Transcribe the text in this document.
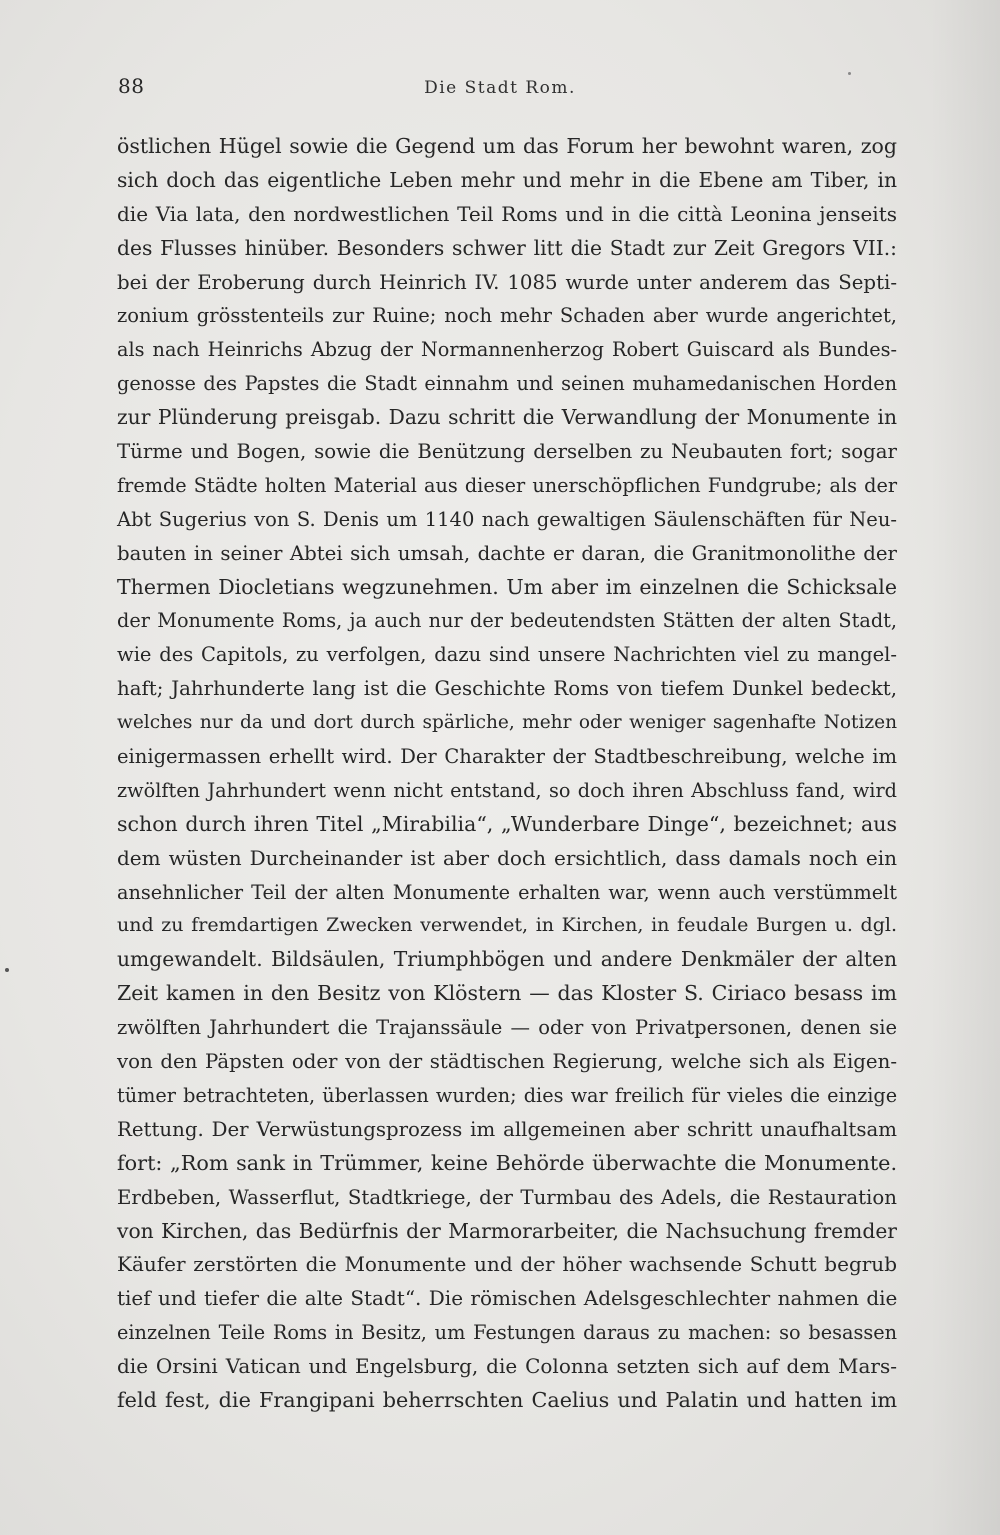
88	Die Stadt Rom.
östlichen Hügel sowie die Gegend um das Forum her bewohnt waren, zog
sich doch das eigentliche Leben mehr und mehr in die Ebene am Tiber, in
die Via lata, den nordwestlichen Teil Roms und in die città Leonina jenseits
des Flusses hinüber. Besonders schwer litt die Stadt zur Zeit Gregors VII.:
bei der Eroberung durch Heinrich IV. 1085 wurde unter anderem das Septi-
zonium grösstenteils zur Ruine; noch mehr Schaden aber wurde angerichtet,
als nach Heinrichs Abzug der Normannenherzog Robert Guiscard als Bundes-
genosse des Papstes die Stadt einnahm und seinen muhamedanischen Horden
zur Plünderung preisgab. Dazu schritt die Verwandlung der Monumente in
Türme und Bogen, sowie die Benützung derselben zu Neubauten fort; sogar
fremde Städte holten Material aus dieser unerschöpflichen Fundgrube; als der
Abt Sugerius von S. Denis um 1140 nach gewaltigen Säulenschäften für Neu-
bauten in seiner Abtei sich umsah, dachte er daran, die Granitmonolithe der
Thermen Diocletians wegzunehmen. Um aber im einzelnen die Schicksale
der Monumente Roms, ja auch nur der bedeutendsten Stätten der alten Stadt,
wie des Capitols, zu verfolgen, dazu sind unsere Nachrichten viel zu mangel-
haft; Jahrhunderte lang ist die Geschichte Roms von tiefem Dunkel bedeckt,
welches nur da und dort durch spärliche, mehr oder weniger sagenhafte Notizen
einigermassen erhellt wird. Der Charakter der Stadtbeschreibung, welche im
zwölften Jahrhundert wenn nicht entstand, so doch ihren Abschluss fand, wird
schon durch ihren Titel „Mirabilia“, „Wunderbare Dinge“, bezeichnet; aus
dem wüsten Durcheinander ist aber doch ersichtlich, dass damals noch ein
ansehnlicher Teil der alten Monumente erhalten war, wenn auch verstümmelt
und zu fremdartigen Zwecken verwendet, in Kirchen, in feudale Burgen u. dgl.
umgewandelt. Bildsäulen, Triumphbögen und andere Denkmäler der alten
Zeit kamen in den Besitz von Klöstern — das Kloster S. Ciriaco besass im
zwölften Jahrhundert die Trajanssäule — oder von Privatpersonen, denen sie
von den Päpsten oder von der städtischen Regierung, welche sich als Eigen-
tümer betrachteten, überlassen wurden; dies war freilich für vieles die einzige
Rettung. Der Verwüstungsprozess im allgemeinen aber schritt unaufhaltsam
fort: „Rom sank in Trümmer, keine Behörde überwachte die Monumente.
Erdbeben, Wasserflut, Stadtkriege, der Turmbau des Adels, die Restauration
von Kirchen, das Bedürfnis der Marmorarbeiter, die Nachsuchung fremder
Käufer zerstörten die Monumente und der höher wachsende Schutt begrub
tief und tiefer die alte Stadt“. Die römischen Adelsgeschlechter nahmen die
einzelnen Teile Roms in Besitz, um Festungen daraus zu machen: so besassen
die Orsini Vatican und Engelsburg, die Colonna setzten sich auf dem Mars-
feld fest, die Frangipani beherrschten Caelius und Palatin und hatten im
